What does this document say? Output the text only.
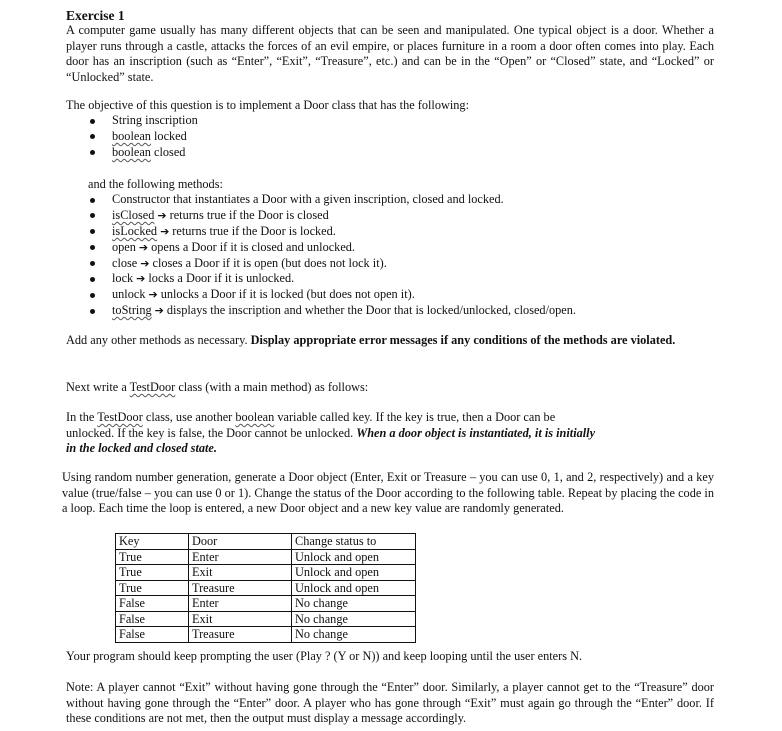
Exercise 1
A computer game usually has many different objects that can be seen and manipulated. One typical object is a door. Whether a player runs through a castle, attacks the forces of an evil empire, or places furniture in a room a door often comes into play. Each door has an inscription (such as “Enter”, “Exit”, “Treasure”, etc.) and can be in the “Open” or “Closed” state, and “Locked” or “Unlocked” state.
The objective of this question is to implement a Door class that has the following:
String inscription
boolean locked
boolean closed
and the following methods:
Constructor that instantiates a Door with a given inscription, closed and locked.
isClosed ➔ returns true if the Door is closed
isLocked ➔ returns true if the Door is locked.
open ➔ opens a Door if it is closed and unlocked.
close ➔ closes a Door if it is open (but does not lock it).
lock ➔ locks a Door if it is unlocked.
unlock ➔ unlocks a Door if it is locked (but does not open it).
toString ➔ displays the inscription and whether the Door that is locked/unlocked, closed/open.
Add any other methods as necessary. Display appropriate error messages if any conditions of the methods are violated.
Next write a TestDoor class (with a main method) as follows:
In the TestDoor class, use another boolean variable called key. If the key is true, then a Door can be unlocked. If the key is false, the Door cannot be unlocked. When a door object is instantiated, it is initially in the locked and closed state.
Using random number generation, generate a Door object (Enter, Exit or Treasure – you can use 0, 1, and 2, respectively) and a key value (true/false – you can use 0 or 1). Change the status of the Door according to the following table. Repeat by placing the code in a loop. Each time the loop is entered, a new Door object and a new key value are randomly generated.
Key	Door	Change status to
True	Enter	Unlock and open
True	Exit	Unlock and open
True	Treasure	Unlock and open
False	Enter	No change
False	Exit	No change
False	Treasure	No change
Your program should keep prompting the user (Play ? (Y or N)) and keep looping until the user enters N.
Note: A player cannot “Exit” without having gone through the “Enter” door. Similarly, a player cannot get to the “Treasure” door without having gone through the “Enter” door. A player who has gone through “Exit” must again go through the “Enter” door. If these conditions are not met, then the output must display a message accordingly.
